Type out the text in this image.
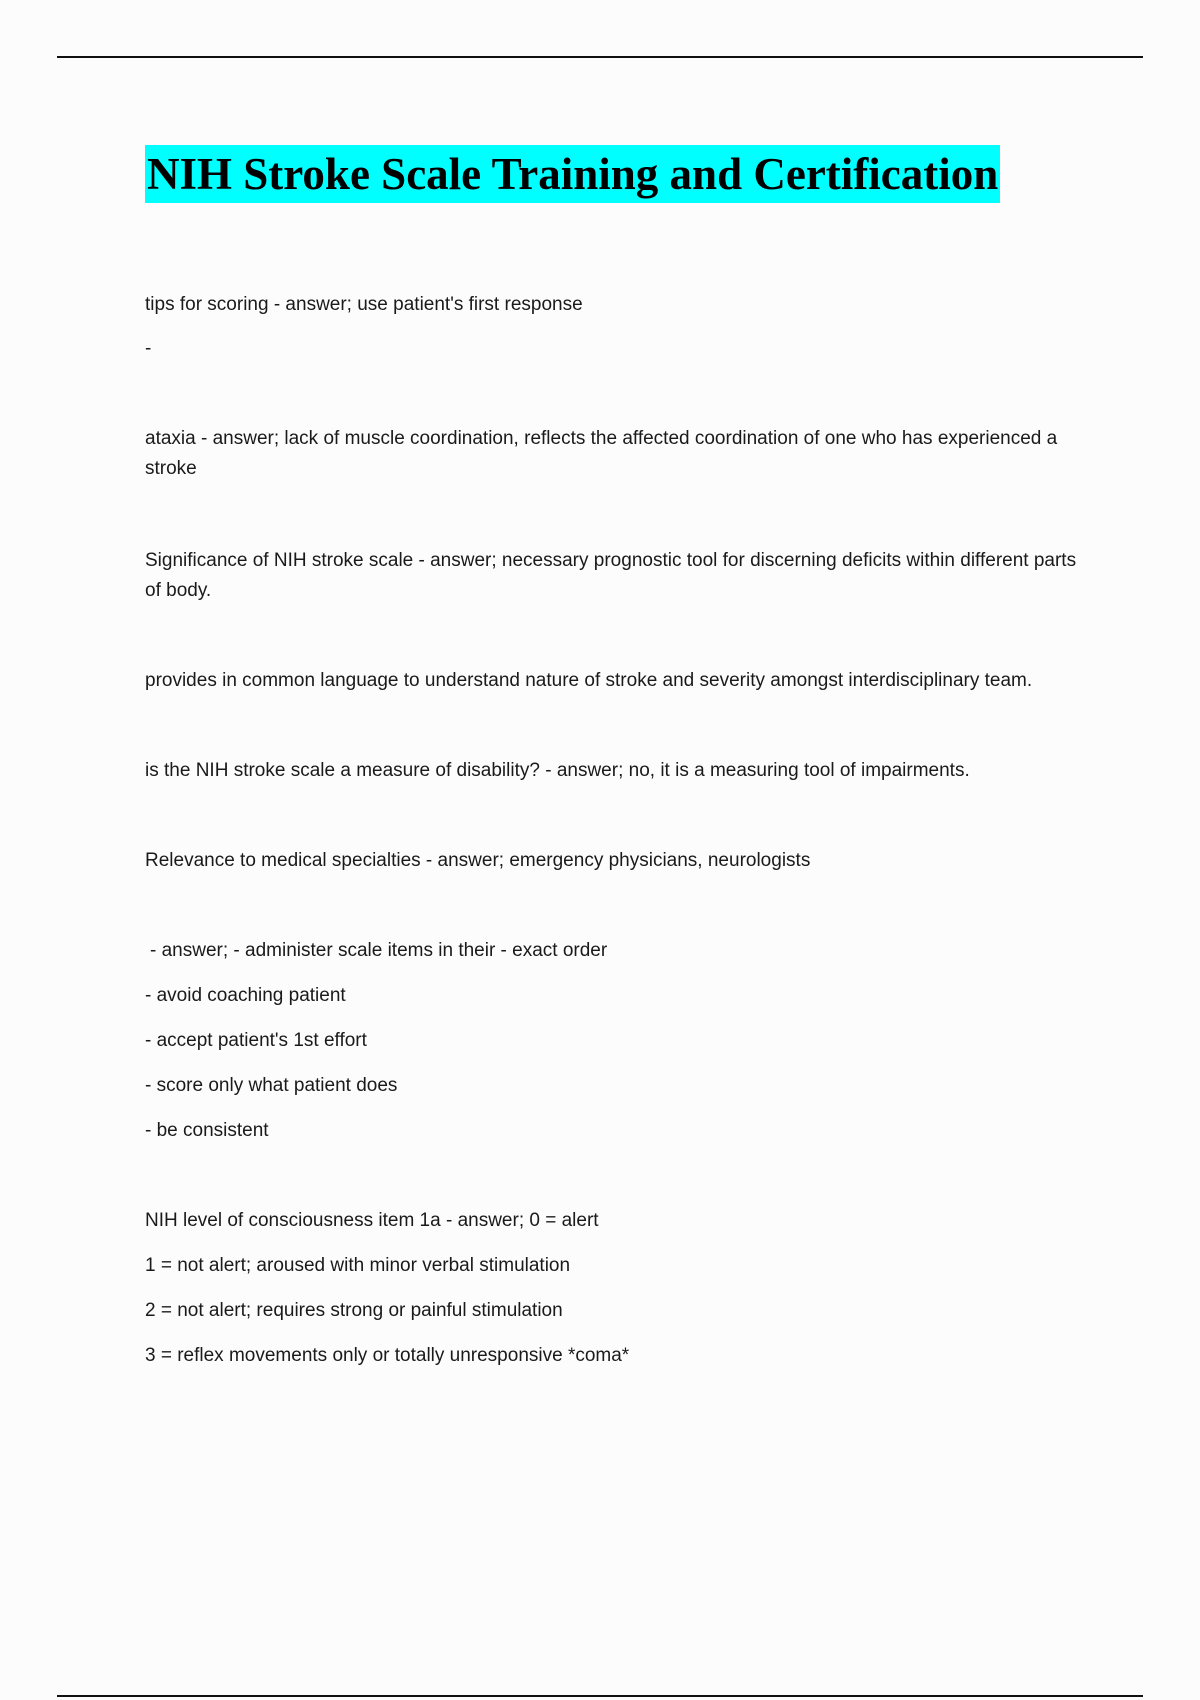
NIH Stroke Scale Training and Certification

tips for scoring - answer; use patient's first response

-

ataxia - answer; lack of muscle coordination, reflects the affected coordination of one who has experienced a stroke

Significance of NIH stroke scale - answer; necessary prognostic tool for discerning deficits within different parts of body.

provides in common language to understand nature of stroke and severity amongst interdisciplinary team.

is the NIH stroke scale a measure of disability? - answer; no, it is a measuring tool of impairments.

Relevance to medical specialties - answer; emergency physicians, neurologists

- answer; - administer scale items in their - exact order

- avoid coaching patient

- accept patient's 1st effort

- score only what patient does

- be consistent

NIH level of consciousness item 1a - answer; 0 = alert

1 = not alert; aroused with minor verbal stimulation

2 = not alert; requires strong or painful stimulation

3 = reflex movements only or totally unresponsive *coma*
